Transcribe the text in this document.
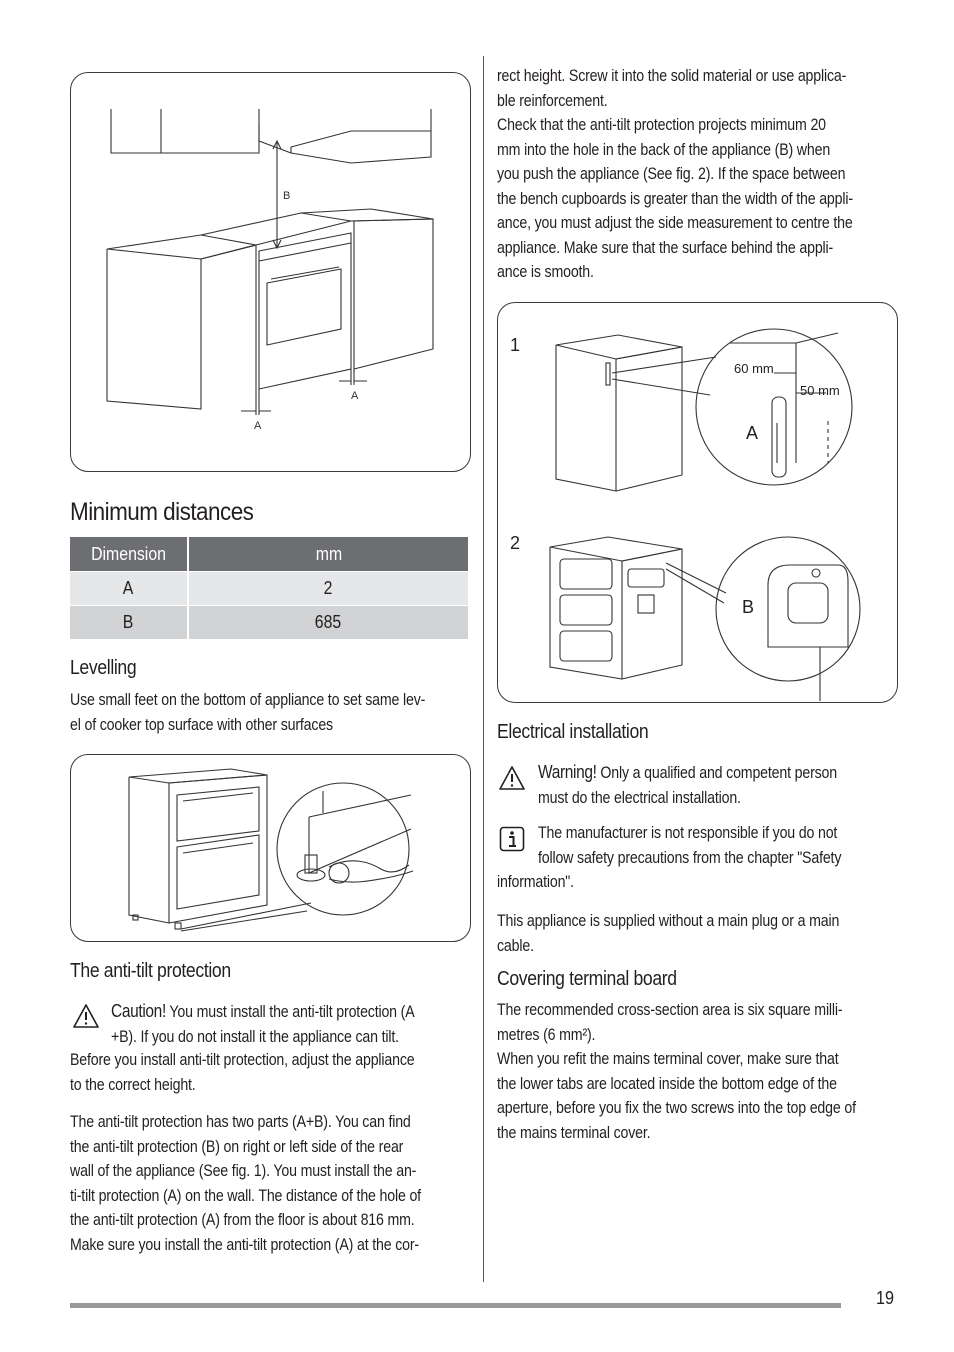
B
A
A
Minimum distances
Dimension	mm
A	2
B	685
Levelling

Use small feet on the bottom of appliance to set same lev-

el of cooker top surface with other surfaces

The anti-tilt protection

Caution! You must install the anti-tilt protection (A

+B). If you do not install it the appliance can tilt.

Before you install anti-tilt protection, adjust the appliance

to the correct height.

The anti-tilt protection has two parts (A+B). You can find

the anti-tilt protection (B) on right or left side of the rear

wall of the appliance (See fig. 1). You must install the an-

ti-tilt protection (A) on the wall. The distance of the hole of

the anti-tilt protection (A) from the floor is about 816 mm.

Make sure you install the anti-tilt protection (A) at the cor-

rect height. Screw it into the solid material or use applica-

ble reinforcement.

Check that the anti-tilt protection projects minimum 20

mm into the hole in the back of the appliance (B) when

you push the appliance (See fig. 2). If the space between

the bench cupboards is greater than the width of the appli-

ance, you must adjust the side measurement to centre the

appliance. Make sure that the surface behind the appli-

ance is smooth.

1
2
60 mm
50 mm
A
B
Electrical installation

Warning! Only a qualified and competent person

must do the electrical installation.

The manufacturer is not responsible if you do not

follow safety precautions from the chapter "Safety

information".

This appliance is supplied without a main plug or a main

cable.

Covering terminal board

The recommended cross-section area is six square milli-

metres (6 mm²).

When you refit the mains terminal cover, make sure that

the lower tabs are located inside the bottom edge of the

aperture, before you fix the two screws into the top edge of

the mains terminal cover.

19
